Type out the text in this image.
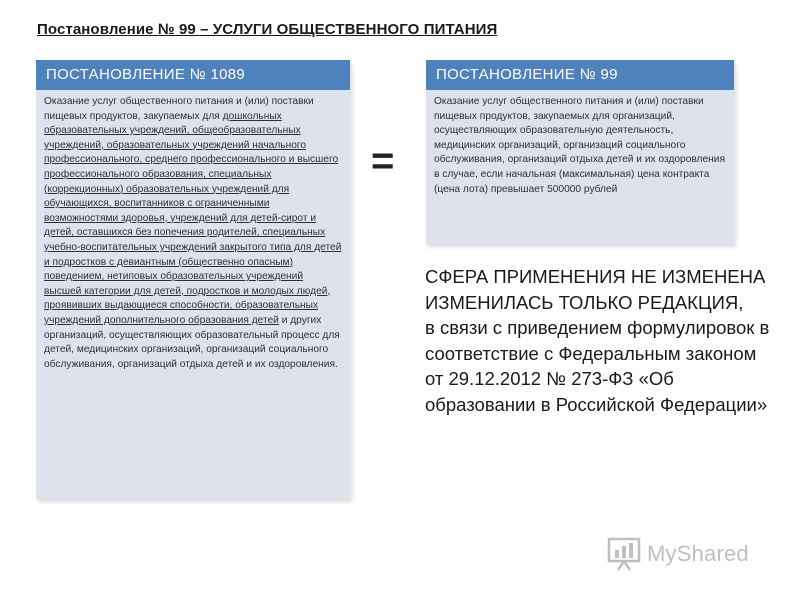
Постановление № 99 – УСЛУГИ ОБЩЕСТВЕННОГО ПИТАНИЯ
ПОСТАНОВЛЕНИЕ № 1089
Оказание услуг общественного питания и (или) поставки пищевых продуктов, закупаемых для дошкольных образовательных учреждений, общеобразовательных учреждений, образовательных учреждений начального профессионального, среднего профессионального и высшего профессионального образования, специальных (коррекционных) образовательных учреждений для обучающихся, воспитанников с ограниченными возможностями здоровья, учреждений для детей-сирот и детей, оставшихся без попечения родителей, специальных учебно-воспитательных учреждений закрытого типа для детей и подростков с девиантным (общественно опасным) поведением, нетиповых образовательных учреждений высшей категории для детей, подростков и молодых людей, проявивших выдающиеся способности, образовательных учреждений дополнительного образования детей и других организаций, осуществляющих образовательный процесс для детей, медицинских организаций, организаций социального обслуживания, организаций отдыха детей и их оздоровления.
=
ПОСТАНОВЛЕНИЕ № 99
Оказание услуг общественного питания и (или) поставки пищевых продуктов, закупаемых для организаций, осуществляющих образовательную деятельность, медицинских организаций, организаций социального обслуживания, организаций отдыха детей и их оздоровления в случае, если начальная (максимальная) цена контракта (цена лота) превышает 500000 рублей
СФЕРА ПРИМЕНЕНИЯ НЕ ИЗМЕНЕНА
ИЗМЕНИЛАСЬ ТОЛЬКО РЕДАКЦИЯ,
в связи с приведением формулировок в соответствие с Федеральным законом от 29.12.2012 № 273-ФЗ «Об образовании в Российской Федерации»
MyShared
